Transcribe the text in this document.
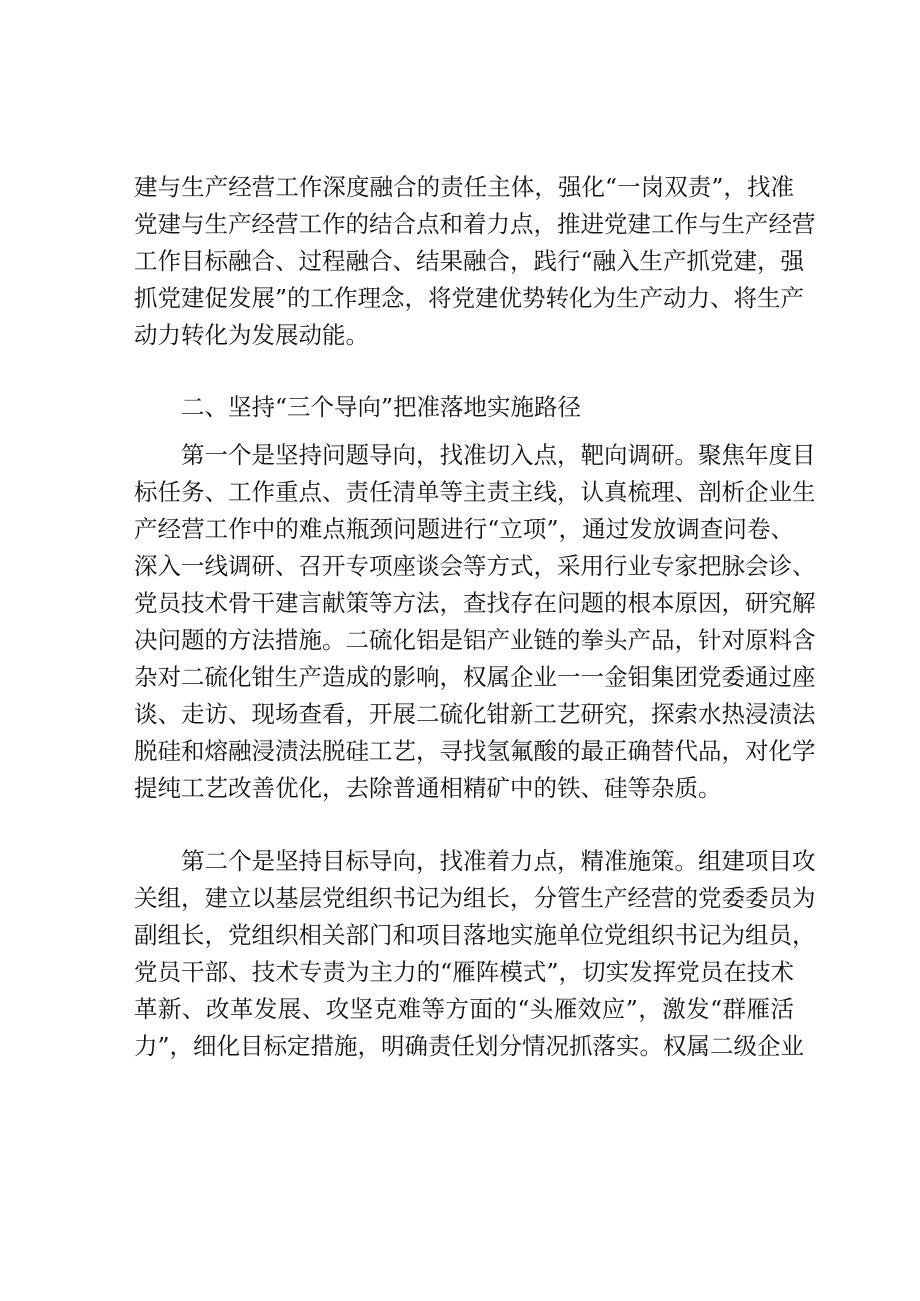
建与生产经营工作深度融合的责任主体，强化“一岗双责”，找准
党建与生产经营工作的结合点和着力点，推进党建工作与生产经营
工作目标融合、过程融合、结果融合，践行“融入生产抓党建，强
抓党建促发展”的工作理念，将党建优势转化为生产动力、将生产
动力转化为发展动能。
二、坚持“三个导向”把准落地实施路径
第一个是坚持问题导向，找准切入点，靶向调研。聚焦年度目
标任务、工作重点、责任清单等主责主线，认真梳理、剖析企业生
产经营工作中的难点瓶颈问题进行“立项”，通过发放调查问卷、
深入一线调研、召开专项座谈会等方式，采用行业专家把脉会诊、
党员技术骨干建言献策等方法，查找存在问题的根本原因，研究解
决问题的方法措施。二硫化铝是铝产业链的拳头产品，针对原料含
杂对二硫化钳生产造成的影响，权属企业一一金钼集团党委通过座
谈、走访、现场查看，开展二硫化钳新工艺研究，探索水热浸渍法
脱硅和熔融浸渍法脱硅工艺，寻找氢氟酸的最正确替代品，对化学
提纯工艺改善优化，去除普通相精矿中的铁、硅等杂质。
第二个是坚持目标导向，找准着力点，精准施策。组建项目攻
关组，建立以基层党组织书记为组长，分管生产经营的党委委员为
副组长，党组织相关部门和项目落地实施单位党组织书记为组员，
党员干部、技术专责为主力的“雁阵模式”，切实发挥党员在技术
革新、改革发展、攻坚克难等方面的“头雁效应”，激发“群雁活
力”，细化目标定措施，明确责任划分情况抓落实。权属二级企业
